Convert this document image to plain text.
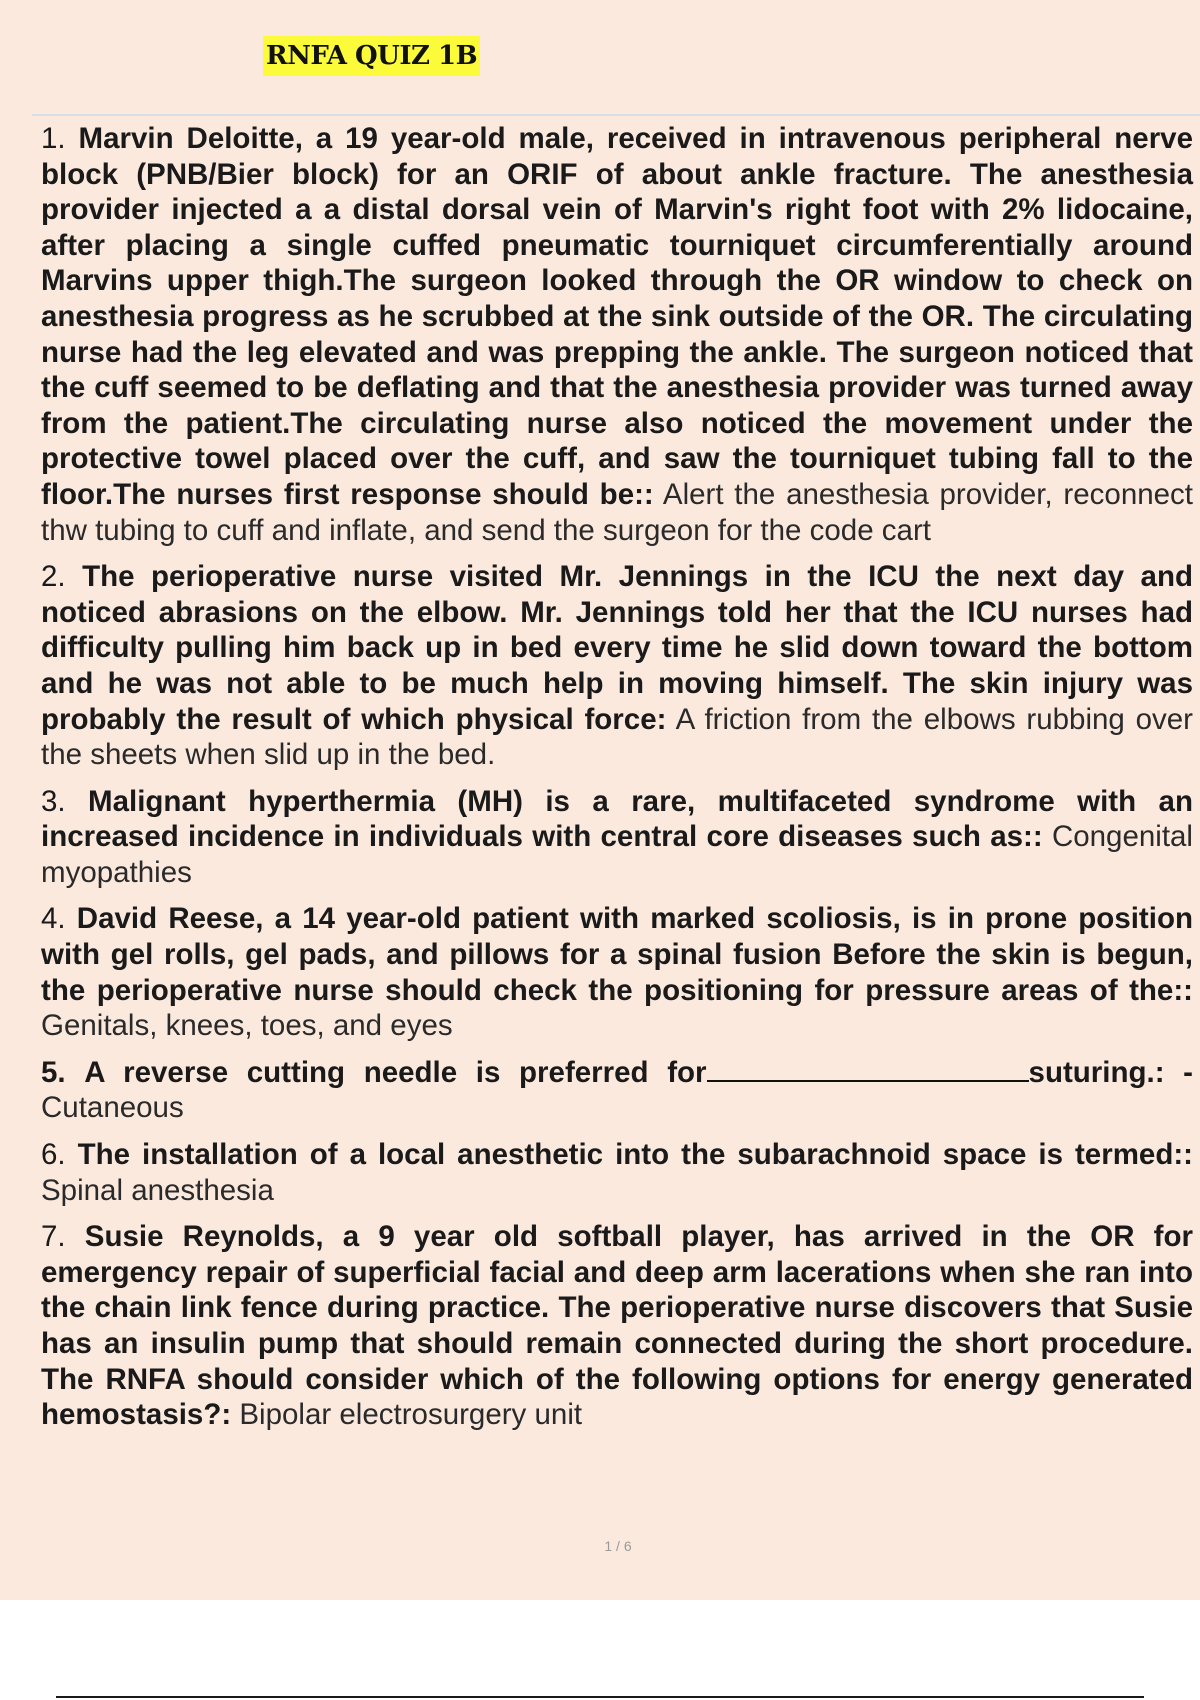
RNFA QUIZ 1B
1. Marvin Deloitte, a 19 year-old male, received in intravenous peripheral nerve block (PNB/Bier block) for an ORIF of about ankle fracture. The anesthesia provider injected a a distal dorsal vein of Marvin's right foot with 2% lidocaine, after placing a single cuffed pneumatic tourniquet circumferentially around Marvins upper thigh.The surgeon looked through the OR window to check on anesthesia progress as he scrubbed at the sink outside of the OR. The circulating nurse had the leg elevated and was prepping the ankle. The surgeon noticed that the cuff seemed to be deflating and that the anesthesia provider was turned away from the patient.The circulating nurse also noticed the movement under the protective towel placed over the cuff, and saw the tourniquet tubing fall to the floor.The nurses first response should be:: Alert the anesthesia provider, reconnect thw tubing to cuff and inflate, and send the surgeon for the code cart
2. The perioperative nurse visited Mr. Jennings in the ICU the next day and noticed abrasions on the elbow. Mr. Jennings told her that the ICU nurses had difficulty pulling him back up in bed every time he slid down toward the bottom and he was not able to be much help in moving himself. The skin injury was probably the result of which physical force: A friction from the elbows rubbing over the sheets when slid up in the bed.
3. Malignant hyperthermia (MH) is a rare, multifaceted syndrome with an increased incidence in individuals with central core diseases such as:: Congenital myopathies
4. David Reese, a 14 year-old patient with marked scoliosis, is in prone position with gel rolls, gel pads, and pillows for a spinal fusion Before the skin is begun, the perioperative nurse should check the positioning for pressure areas of the:: Genitals, knees, toes, and eyes
5. A reverse cutting needle is preferred for	suturing.: - Cutaneous
6. The installation of a local anesthetic into the subarachnoid space is termed:: Spinal anesthesia
7. Susie Reynolds, a 9 year old softball player, has arrived in the OR for emergency repair of superficial facial and deep arm lacerations when she ran into the chain link fence during practice. The perioperative nurse discovers that Susie has an insulin pump that should remain connected during the short procedure. The RNFA should consider which of the following options for energy generated hemostasis?: Bipolar electrosurgery unit
1 / 6
